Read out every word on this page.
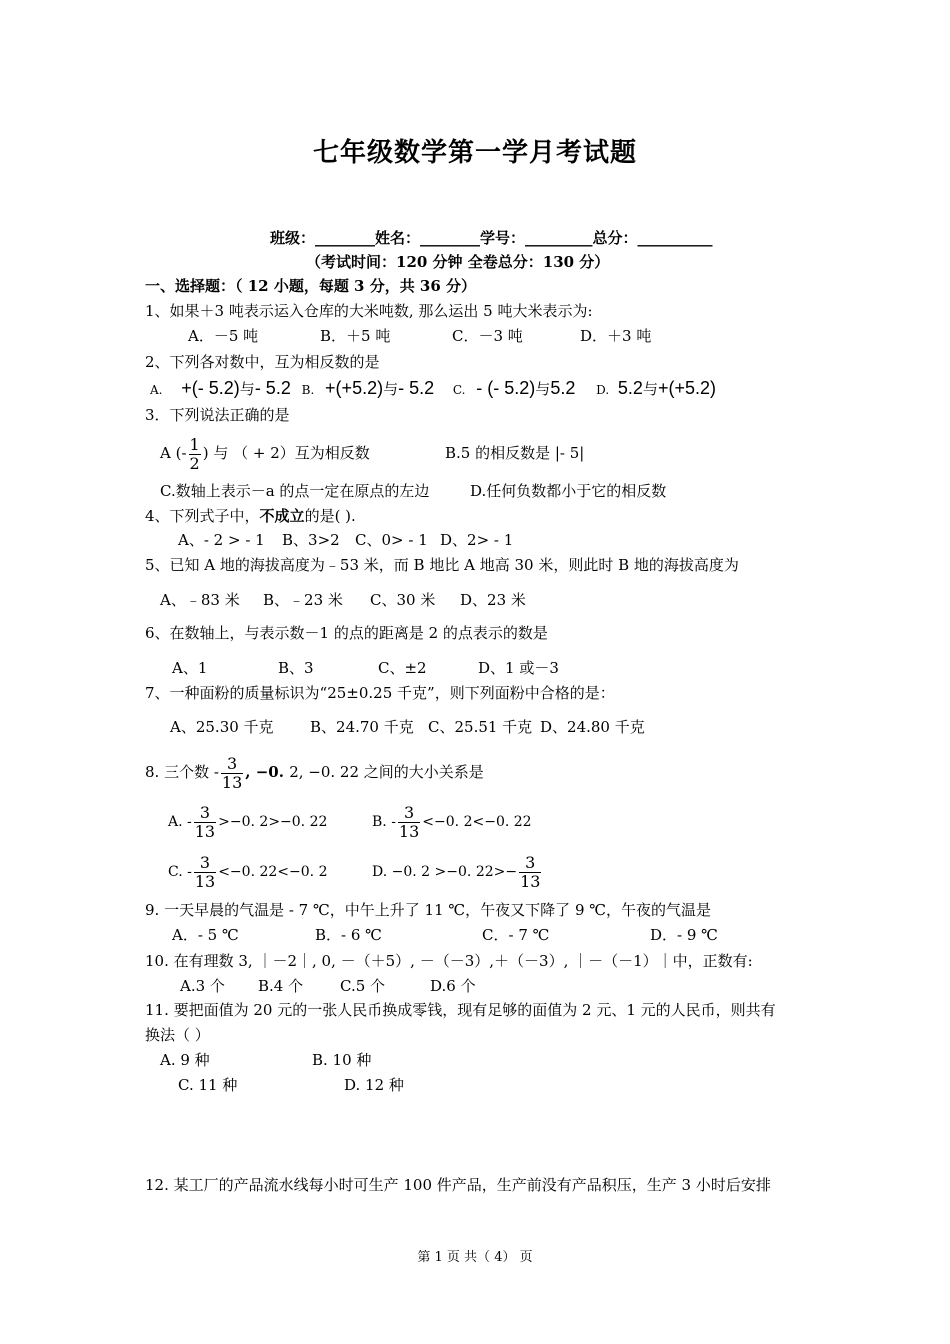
七年级数学第一学月考试题
班级：________姓名：________学号：_________总分：__________
（考试时间：120 分钟 全卷总分：130 分）
一、选择题：（ 12 小题，每题 3 分，共 36 分）
1、如果＋3 吨表示运入仓库的大米吨数, 那么运出 5 吨大米表示为:
A．－5 吨	B．＋5 吨	C．－3 吨	D．＋3 吨
2、下列各对数中，互为相反数的是
A. +(- 5.2)与- 5.2 B. +(+5.2)与- 5.2 C. - (- 5.2)与5.2 D. 5.2与+(+5.2)
3．下列说法正确的是
A (- $\frac{1}{2}$ ) 与 （ + 2）互为相反数	B.5 的相反数是 |- 5|
C.数轴上表示－a 的点一定在原点的左边	D.任何负数都小于它的相反数
4、下列式子中，不成立的是( ).
A、- 2 > - 1 B、3>2 C、0> - 1 D、2> - 1
5、已知 A 地的海拔高度为﹣53 米，而 B 地比 A 地高 30 米，则此时 B 地的海拔高度为
A、﹣83 米 B、﹣23 米 C、30 米 D、23 米
6、在数轴上，与表示数－1 的点的距离是 2 的点表示的数是
A、1	B、3	C、±2	D、1 或－3
7、一种面粉的质量标识为“25±0.25 千克”，则下列面粉中合格的是：
A、25.30 千克 B、24.70 千克 C、25.51 千克 D、24.80 千克
8. 三个数 - $\frac{3}{13}$ , −0. 2, −0. 22 之间的大小关系是
A. - $\frac{3}{13} >-0$. 2>−0. 22	B. - $\frac{3}{13} <-0$. 2<−0. 22
C. - $\frac{3}{13} <-0$. 22<−0. 2	D. −0. 2 >−0. $22>- \frac{3}{13}$
9. 一天早晨的气温是 - 7 ℃，中午上升了 11 ℃，午夜又下降了 9 ℃，午夜的气温是
A．- 5 ℃	B．- 6 ℃	C．- 7 ℃	D．- 9 ℃
10. 在有理数 3, ｜－2｜, 0, －（＋5）, －（－3）,＋（－3）, ｜－（－1）｜中，正数有:
A.3 个 B.4 个 C.5 个	D.6 个
11. 要把面值为 20 元的一张人民币换成零钱，现有足够的面值为 2 元、1 元的人民币，则共有
换法（ ）
A. 9 种	B. 10 种
C. 11 种	D. 12 种
12. 某工厂的产品流水线每小时可生产 100 件产品，生产前没有产品积压，生产 3 小时后安排
第 1 页 共（ 4） 页
